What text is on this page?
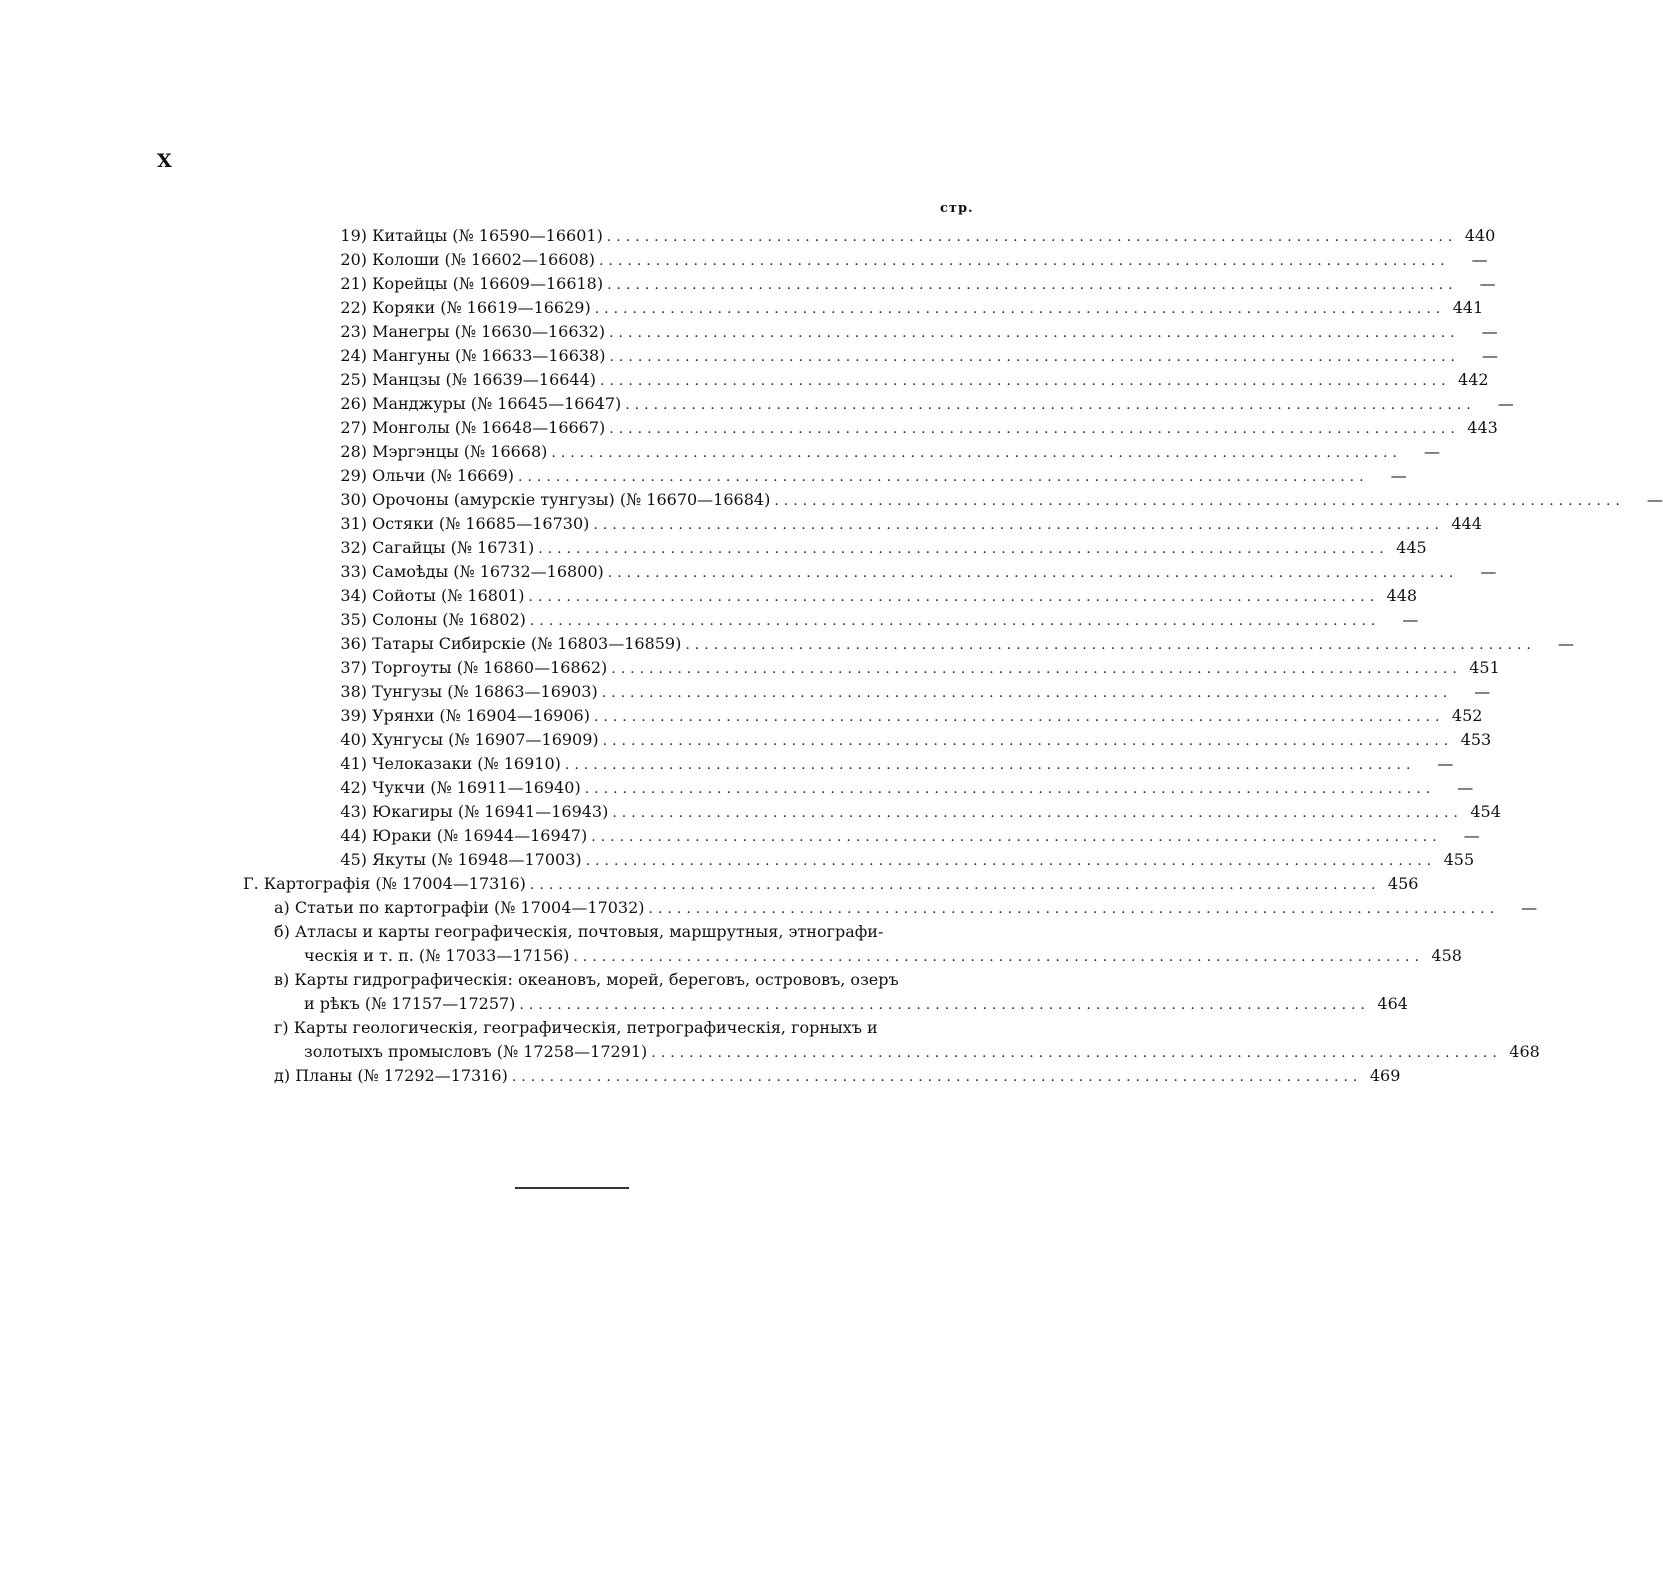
X
стр.
19) Китайцы (№ 16590—16601) .......................................................................................... 440
20) Колоши (№ 16602—16608) ..........................................................................................	—
21) Корейцы (№ 16609—16618) ..........................................................................................	—
22) Коряки (№ 16619—16629) .......................................................................................... 441
23) Манегры (№ 16630—16632) ..........................................................................................	—
24) Мангуны (№ 16633—16638) ..........................................................................................	—
25) Манцзы (№ 16639—16644) .......................................................................................... 442
26) Манджуры (№ 16645—16647) ..........................................................................................	—
27) Монголы (№ 16648—16667) .......................................................................................... 443
28) Мэргэнцы (№ 16668) ..........................................................................................	—
29) Ольчи (№ 16669) ..........................................................................................	—
30) Орочоны (амурскіе тунгузы) (№ 16670—16684) ..........................................................................................	—
31) Остяки (№ 16685—16730) .......................................................................................... 444
32) Сагайцы (№ 16731) .......................................................................................... 445
33) Самоѣды (№ 16732—16800) ..........................................................................................	—
34) Сойоты (№ 16801) .......................................................................................... 448
35) Солоны (№ 16802) ..........................................................................................	—
36) Татары Сибирскіе (№ 16803—16859) ..........................................................................................	—
37) Торгоуты (№ 16860—16862) .......................................................................................... 451
38) Тунгузы (№ 16863—16903) ..........................................................................................	—
39) Урянхи (№ 16904—16906) .......................................................................................... 452
40) Хунгусы (№ 16907—16909) .......................................................................................... 453
41) Челоказаки (№ 16910) ..........................................................................................	—
42) Чукчи (№ 16911—16940) ..........................................................................................	—
43) Юкагиры (№ 16941—16943) .......................................................................................... 454
44) Юраки (№ 16944—16947) ..........................................................................................	—
45) Якуты (№ 16948—17003) .......................................................................................... 455
Г. Картографія (№ 17004—17316) .......................................................................................... 456
а) Статьи по картографіи (№ 17004—17032) ..........................................................................................	—
б) Атласы и карты географическія, почтовыя, маршрутныя, этнографи-
ческія и т. п. (№ 17033—17156) .......................................................................................... 458
в) Карты гидрографическія: океановъ, морей, береговъ, острововъ, озеръ
и рѣкъ (№ 17157—17257) .......................................................................................... 464
г) Карты геологическія, географическія, петрографическія, горныхъ и
золотыхъ промысловъ (№ 17258—17291) .......................................................................................... 468
д) Планы (№ 17292—17316) .......................................................................................... 469
